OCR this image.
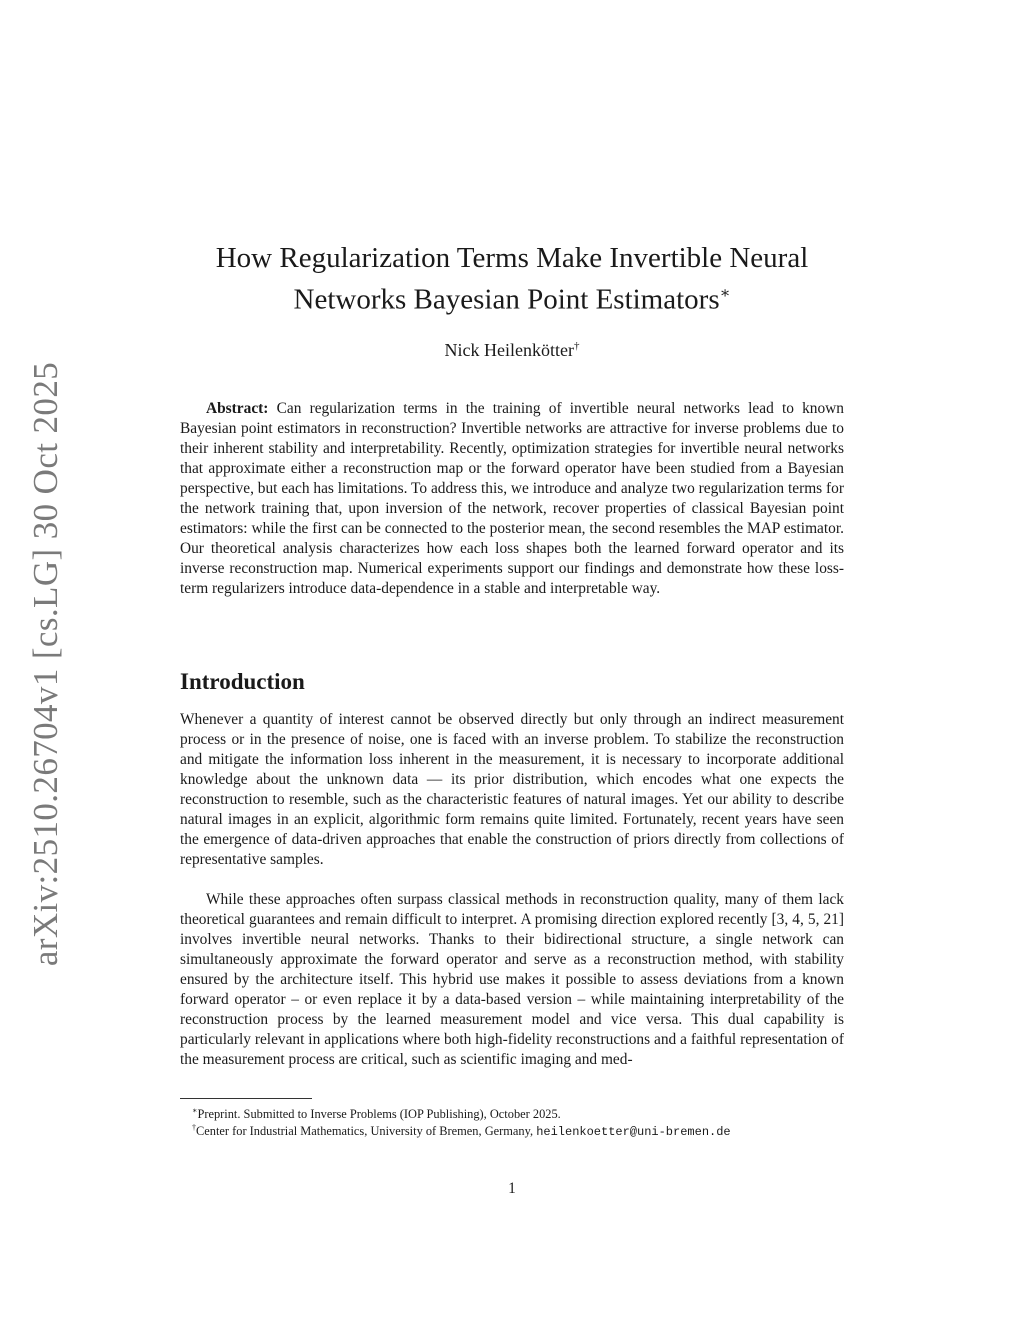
arXiv:2510.26704v1 [cs.LG] 30 Oct 2025
How Regularization Terms Make Invertible Neural
Networks Bayesian Point Estimators∗
Nick Heilenkötter†

Abstract: Can regularization terms in the training of invertible neural networks lead to known Bayesian point estimators in reconstruction? Invertible networks are attractive for inverse problems due to their inherent stability and interpretability. Recently, optimization strategies for invertible neural networks that approximate either a reconstruction map or the forward operator have been studied from a Bayesian perspective, but each has limitations. To address this, we introduce and analyze two regularization terms for the network training that, upon inversion of the network, recover properties of classical Bayesian point estimators: while the first can be connected to the posterior mean, the second resembles the MAP estimator. Our theoretical analysis characterizes how each loss shapes both the learned forward operator and its inverse reconstruction map. Numerical experiments support our findings and demonstrate how these loss-term regularizers introduce data-dependence in a stable and interpretable way.

Introduction

Whenever a quantity of interest cannot be observed directly but only through an indirect measurement process or in the presence of noise, one is faced with an inverse problem. To stabilize the reconstruction and mitigate the information loss inherent in the measurement, it is necessary to incorporate additional knowledge about the unknown data — its prior distribution, which encodes what one expects the reconstruction to resemble, such as the characteristic features of natural images. Yet our ability to describe natural images in an explicit, algorithmic form remains quite limited. Fortunately, recent years have seen the emergence of data-driven approaches that enable the construction of priors directly from collections of representative samples.

While these approaches often surpass classical methods in reconstruction quality, many of them lack theoretical guarantees and remain difficult to interpret. A promising direction explored recently [3, 4, 5, 21] involves invertible neural networks. Thanks to their bidirectional structure, a single network can simultaneously approximate the forward operator and serve as a reconstruction method, with stability ensured by the architecture itself. This hybrid use makes it possible to assess deviations from a known forward operator – or even replace it by a data-based version – while maintaining interpretability of the reconstruction process by the learned measurement model and vice versa. This dual capability is particularly relevant in applications where both high-fidelity reconstructions and a faithful representation of the measurement process are critical, such as scientific imaging and med-

∗Preprint. Submitted to Inverse Problems (IOP Publishing), October 2025.
†Center for Industrial Mathematics, University of Bremen, Germany, heilenkoetter@uni-bremen.de
1
